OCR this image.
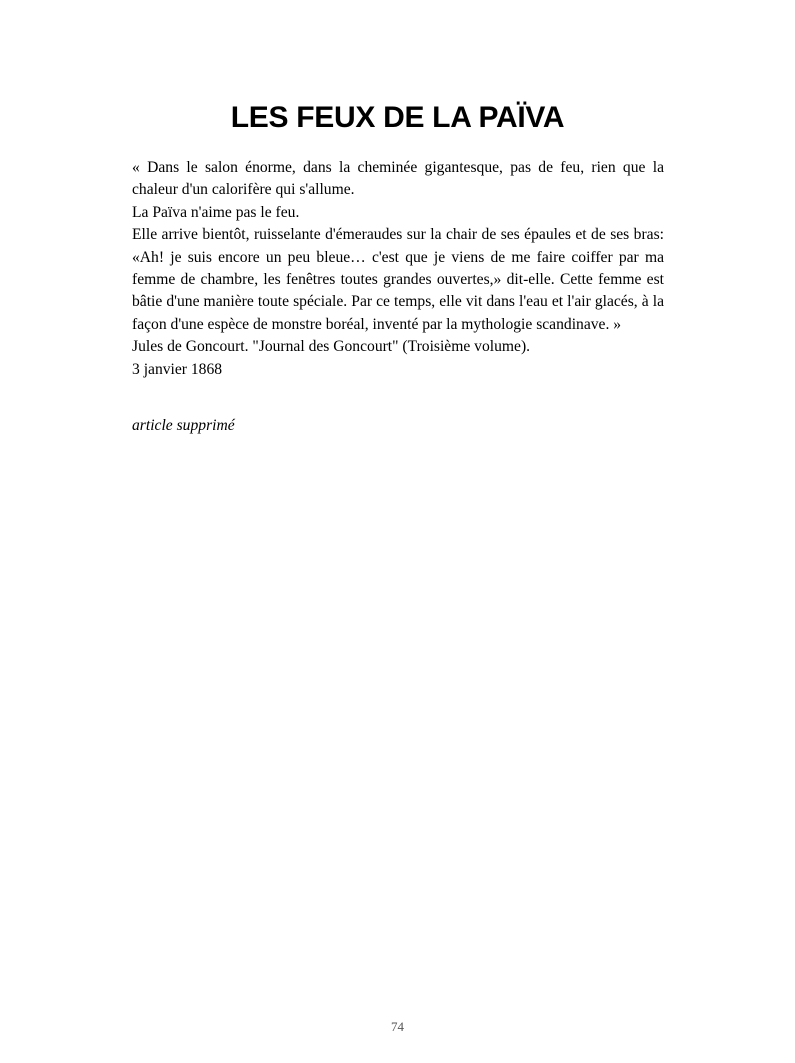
LES FEUX DE LA PAÏVA

« Dans le salon énorme, dans la cheminée gigantesque, pas de feu, rien que la chaleur d'un calorifère qui s'allume.

La Païva n'aime pas le feu.

Elle arrive bientôt, ruisselante d'émeraudes sur la chair de ses épaules et de ses bras: «Ah! je suis encore un peu bleue… c'est que je viens de me faire coiffer par ma femme de chambre, les fenêtres toutes grandes ouvertes,» dit-elle. Cette femme est bâtie d'une manière toute spéciale. Par ce temps, elle vit dans l'eau et l'air glacés, à la façon d'une espèce de monstre boréal, inventé par la mythologie scandinave. »

Jules de Goncourt. "Journal des Goncourt" (Troisième volume).

3 janvier 1868

article supprimé

74
